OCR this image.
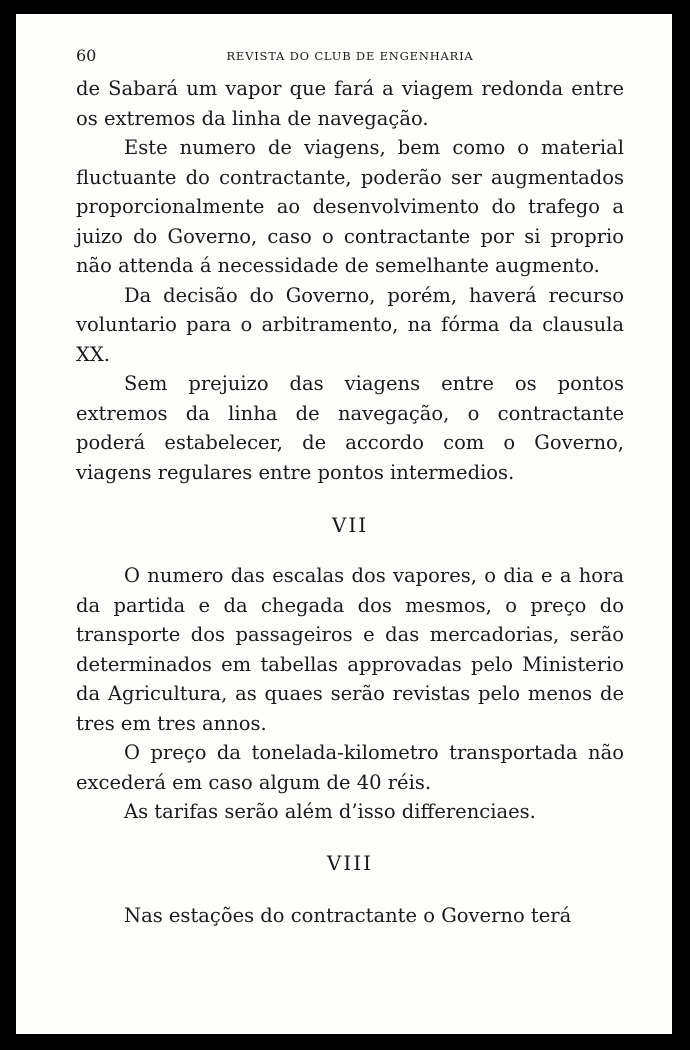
60	REVISTA DO CLUB DE ENGENHARIA

de Sabará um vapor que fará a viagem redonda entre os extremos da linha de navegação.

Este numero de viagens, bem como o material fluctuante do contractante, poderão ser augmentados proporcionalmente ao desenvolvimento do trafego a juizo do Governo, caso o contractante por si proprio não attenda á necessidade de semelhante augmento.

Da decisão do Governo, porém, haverá recurso voluntario para o arbitramento, na fórma da clausula XX.

Sem prejuizo das viagens entre os pontos extremos da linha de navegação, o contractante poderá estabelecer, de accordo com o Governo, viagens regulares entre pontos intermedios.

VII

O numero das escalas dos vapores, o dia e a hora da partida e da chegada dos mesmos, o preço do transporte dos passageiros e das mercadorias, serão determinados em tabellas approvadas pelo Ministerio da Agricultura, as quaes serão revistas pelo menos de tres em tres annos.

O preço da tonelada-kilometro transportada não excederá em caso algum de 40 réis.

As tarifas serão além d’isso differenciaes.

VIII

Nas estações do contractante o Governo terá
